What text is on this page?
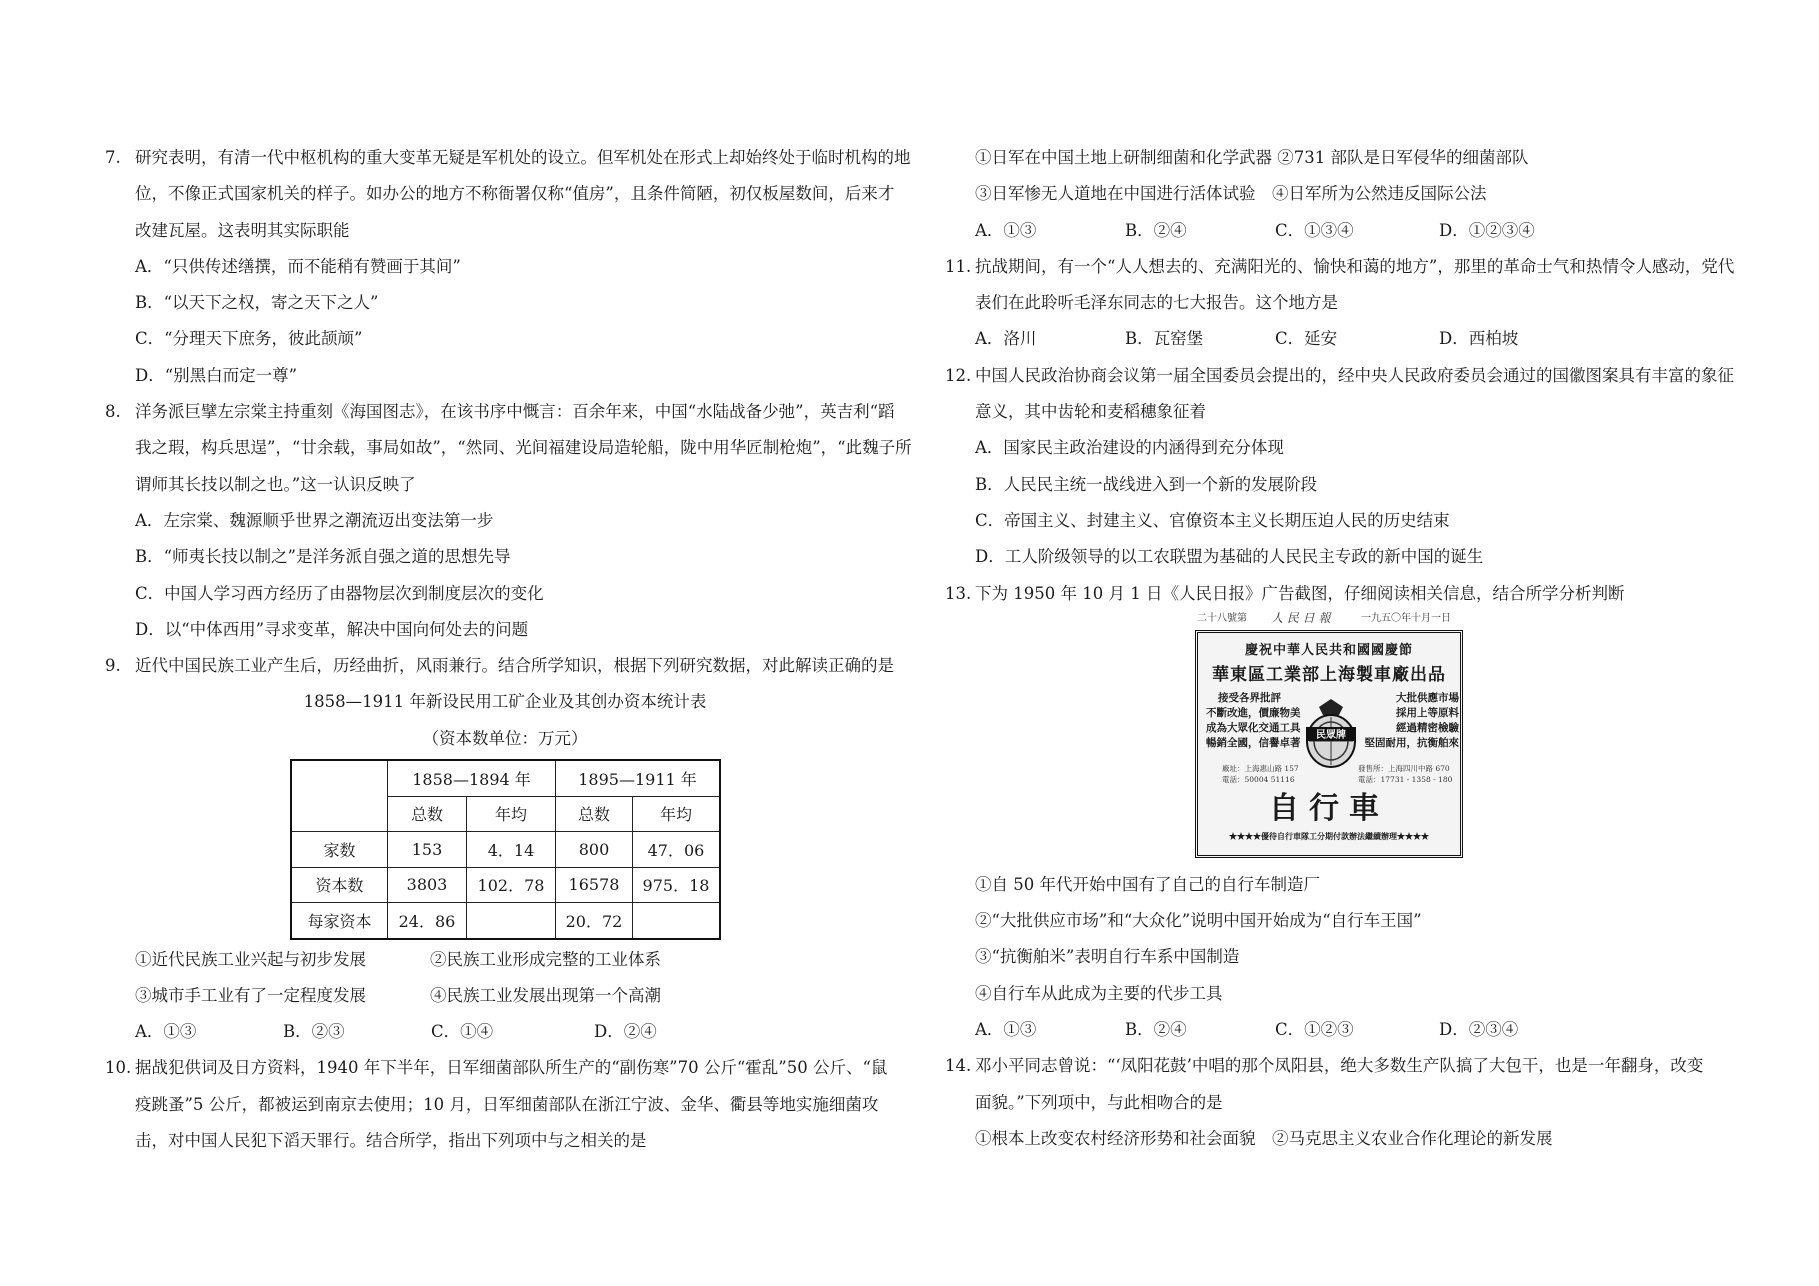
7. 研究表明，有清一代中枢机构的重大变革无疑是军机处的设立。但军机处在形式上却始终处于临时机构的地
位，不像正式国家机关的样子。如办公的地方不称衙署仅称“值房”，且条件简陋，初仅板屋数间，后来才
改建瓦屋。这表明其实际职能
A．“只供传述缮撰，而不能稍有赞画于其间”
B．“以天下之权，寄之天下之人”
C．“分理天下庶务，彼此颉颃”
D．“别黑白而定一尊”
8. 洋务派巨擘左宗棠主持重刻《海国图志》，在该书序中慨言：百余年来，中国“水陆战备少弛”，英吉利“蹈
我之瑕，构兵思逞”，“廿余载，事局如故”，“然同、光间福建设局造轮船，陇中用华匠制枪炮”，“此魏子所
谓师其长技以制之也。”这一认识反映了
A．左宗棠、魏源顺乎世界之潮流迈出变法第一步
B．“师夷长技以制之”是洋务派自强之道的思想先导
C．中国人学习西方经历了由器物层次到制度层次的变化
D．以“中体西用”寻求变革，解决中国向何处去的问题
9. 近代中国民族工业产生后，历经曲折，风雨兼行。结合所学知识，根据下列研究数据，对此解读正确的是
1858—1911 年新设民用工矿企业及其创办资本统计表
（资本数单位：万元）
	1858—1894 年		1895—1911 年	
	总数	年均	总数	年均
家数	153	4．14	800	47．06
资本数	3803	102．78	16578	975．18
每家资本	24．86		20．72	
①近代民族工业兴起与初步发展	②民族工业形成完整的工业体系
③城市手工业有了一定程度发展	④民族工业发展出现第一个高潮
A．①③	B．②③	C．①④	D．②④
10. 据战犯供词及日方资料，1940 年下半年，日军细菌部队所生产的“副伤寒”70 公斤“霍乱”50 公斤、“鼠
疫跳蚤”5 公斤，都被运到南京去使用；10 月，日军细菌部队在浙江宁波、金华、衢县等地实施细菌攻
击，对中国人民犯下滔天罪行。结合所学，指出下列项中与之相关的是
①日军在中国土地上研制细菌和化学武器 ②731 部队是日军侵华的细菌部队
③日军惨无人道地在中国进行活体试验　④日军所为公然违反国际公法
A．①③	B．②④	C．①③④	D．①②③④
11. 抗战期间，有一个“人人想去的、充满阳光的、愉快和蔼的地方”，那里的革命士气和热情令人感动，党代
表们在此聆听毛泽东同志的七大报告。这个地方是
A．洛川	B．瓦窑堡	C．延安	D．西柏坡
12. 中国人民政治协商会议第一届全国委员会提出的，经中央人民政府委员会通过的国徽图案具有丰富的象征
意义，其中齿轮和麦稻穗象征着
A．国家民主政治建设的内涵得到充分体现
B．人民民主统一战线进入到一个新的发展阶段
C．帝国主义、封建主义、官僚资本主义长期压迫人民的历史结束
D．工人阶级领导的以工农联盟为基础的人民民主专政的新中国的诞生
13. 下为 1950 年 10 月 1 日《人民日报》广告截图，仔细阅读相关信息，结合所学分析判断
①自 50 年代开始中国有了自己的自行车制造厂
②“大批供应市场”和“大众化”说明中国开始成为“自行车王国”
③“抗衡舶米”表明自行车系中国制造
④自行车从此成为主要的代步工具
A．①③	B．②④	C．①②③	D．②③④
14. 邓小平同志曾说：“‘凤阳花鼓’中唱的那个凤阳县，绝大多数生产队搞了大包干，也是一年翻身，改变
面貌。”下列项中，与此相吻合的是
①根本上改变农村经济形势和社会面貌　②马克思主义农业合作化理论的新发展
二十八號第 人 民 日 報	一九五〇年十月一日
慶祝中華人民共和國國慶節
華東區工業部上海製車廠出品
接受各界批評
不斷改進，價廉物美
成為大眾化交通工具
暢銷全國，信譽卓著
大批供應市場
採用上等原料
經過精密檢驗
堅固耐用，抗衡舶來
民眾牌
廠址：上海惠山路 157
電話：50004 51116
發售所：上海四川中路 670
電話：17731 - 1358 - 180
自行車
★★★★優待自行車隊工分期付款辦法繼續辦理★★★★
